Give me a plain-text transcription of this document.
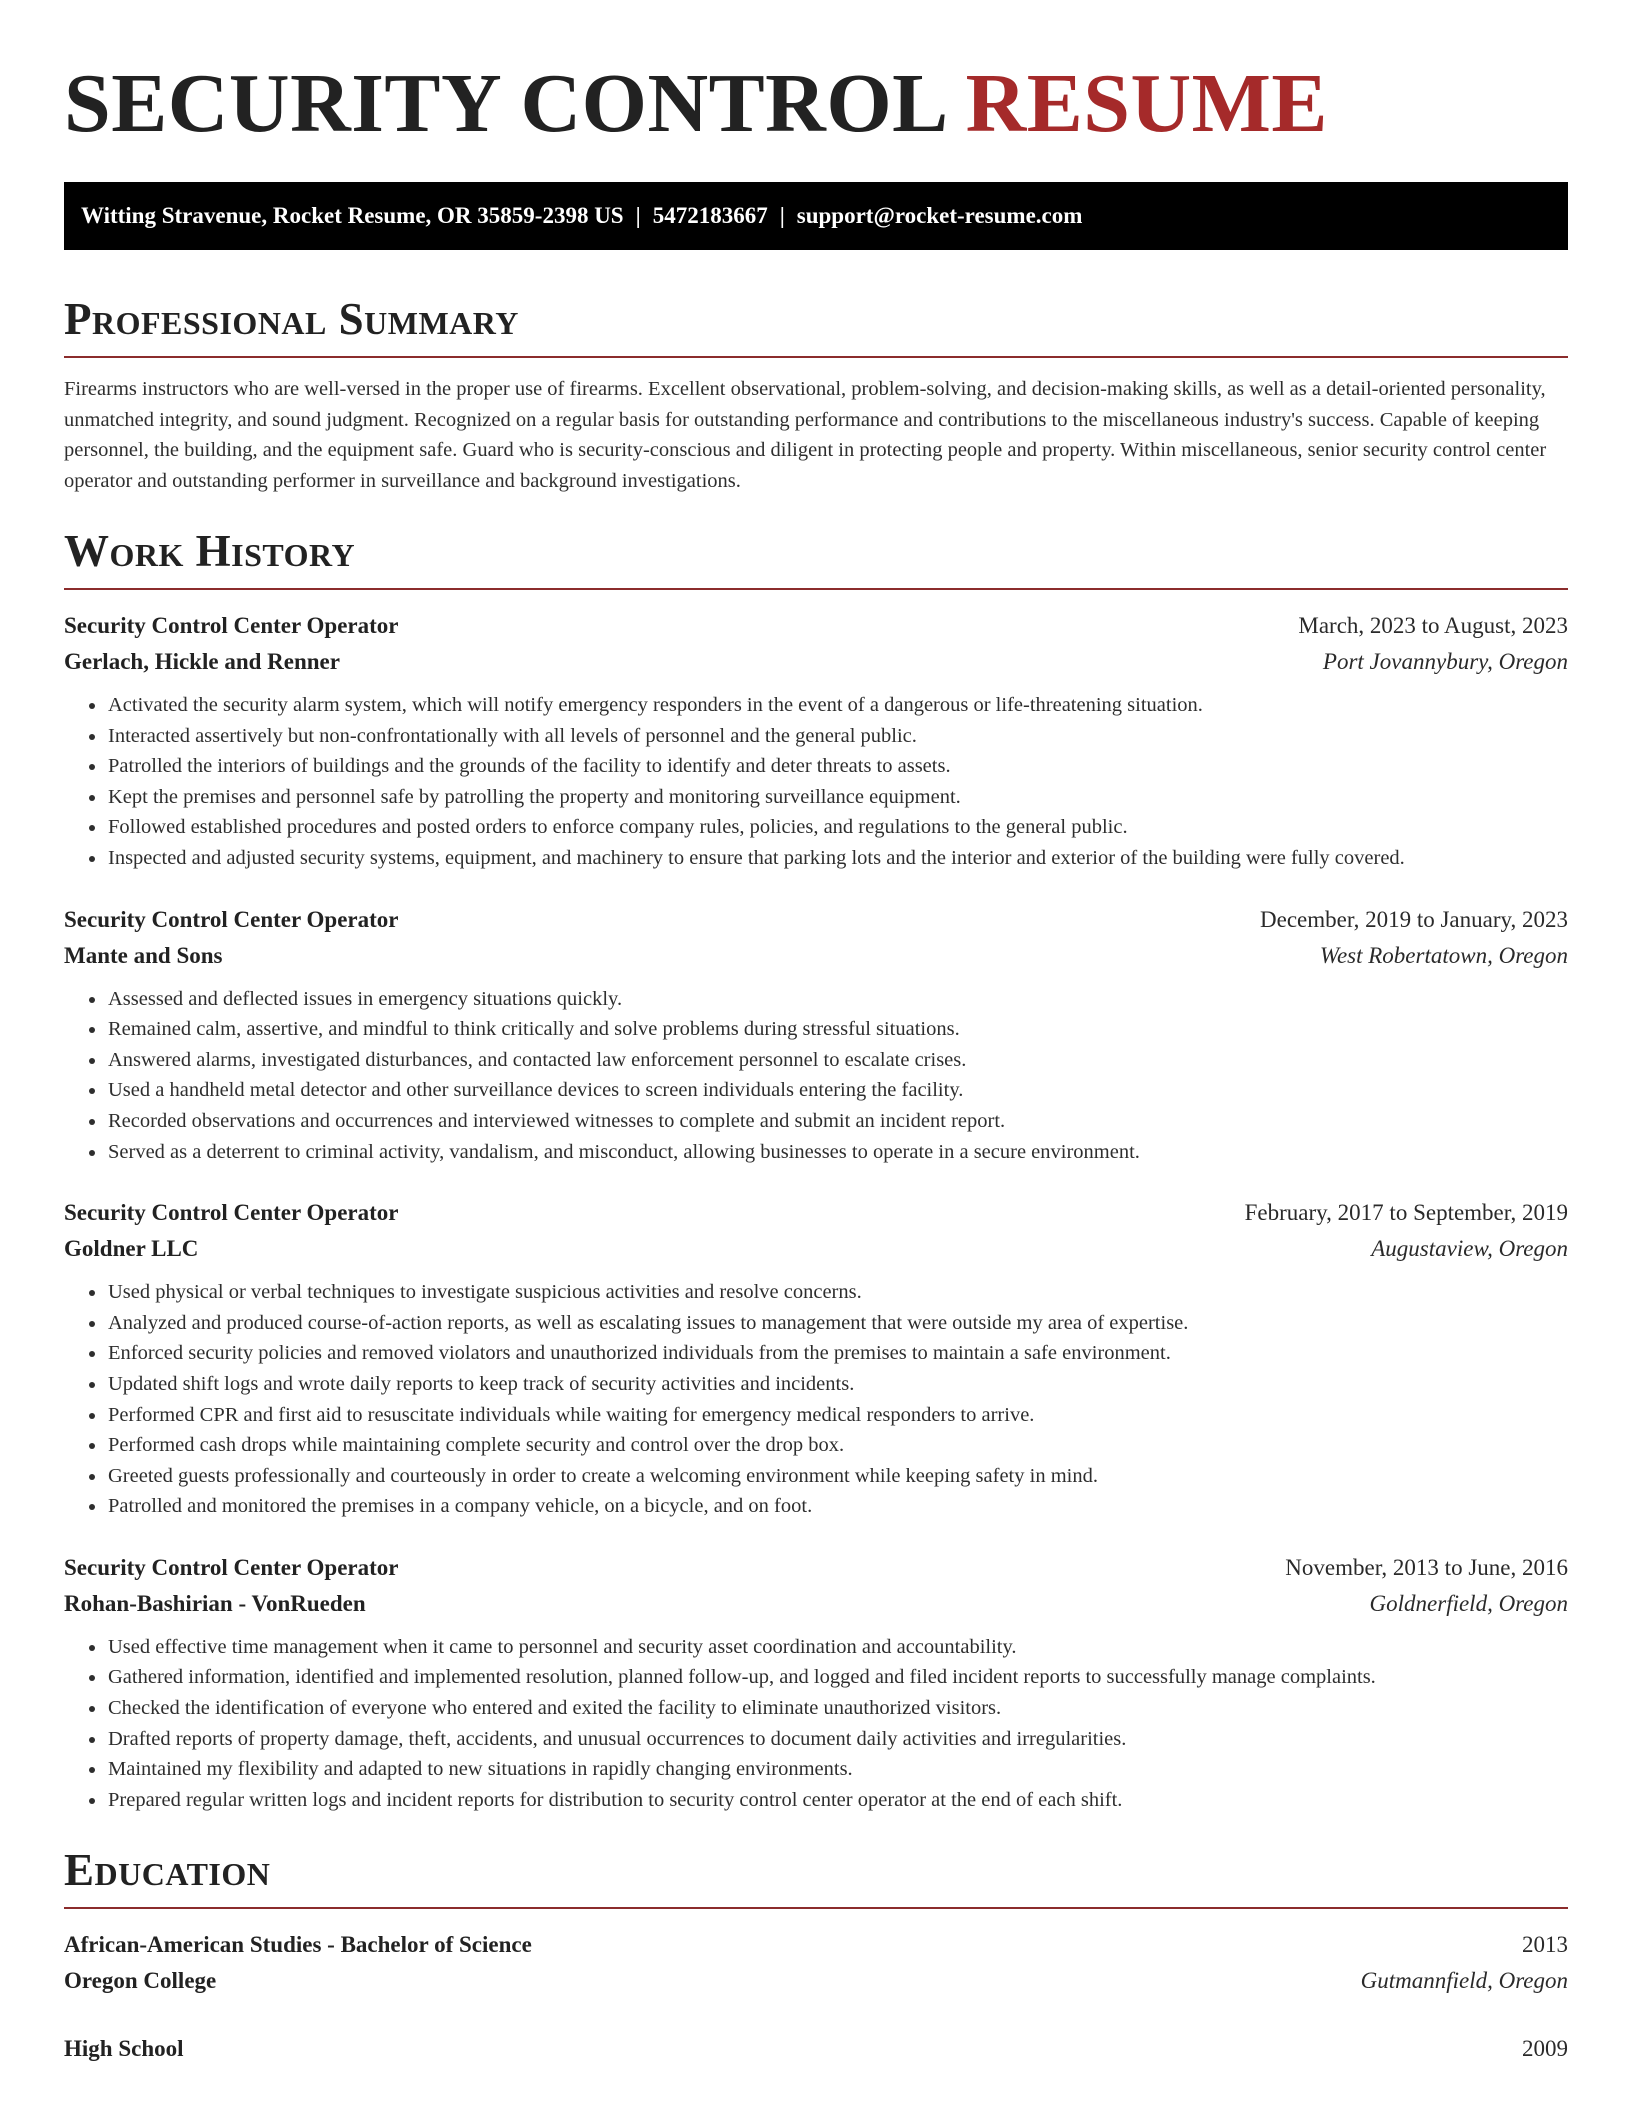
SECURITY CONTROL RESUME
Witting Stravenue, Rocket Resume, OR 35859-2398 US | 5472183667 | support@rocket-resume.com
Professional Summary

Firearms instructors who are well-versed in the proper use of firearms. Excellent observational, problem-solving, and decision-making skills, as well as a detail-oriented personality, unmatched integrity, and sound judgment. Recognized on a regular basis for outstanding performance and contributions to the miscellaneous industry's success. Capable of keeping personnel, the building, and the equipment safe. Guard who is security-conscious and diligent in protecting people and property. Within miscellaneous, senior security control center operator and outstanding performer in surveillance and background investigations.

Work History
Security Control Center Operator	March, 2023 to August, 2023
Gerlach, Hickle and Renner	Port Jovannybury, Oregon
• Activated the security alarm system, which will notify emergency responders in the event of a dangerous or life-threatening situation.
• Interacted assertively but non-confrontationally with all levels of personnel and the general public.
• Patrolled the interiors of buildings and the grounds of the facility to identify and deter threats to assets.
• Kept the premises and personnel safe by patrolling the property and monitoring surveillance equipment.
• Followed established procedures and posted orders to enforce company rules, policies, and regulations to the general public.
• Inspected and adjusted security systems, equipment, and machinery to ensure that parking lots and the interior and exterior of the building were fully covered.
Security Control Center Operator	December, 2019 to January, 2023
Mante and Sons	West Robertatown, Oregon
• Assessed and deflected issues in emergency situations quickly.
• Remained calm, assertive, and mindful to think critically and solve problems during stressful situations.
• Answered alarms, investigated disturbances, and contacted law enforcement personnel to escalate crises.
• Used a handheld metal detector and other surveillance devices to screen individuals entering the facility.
• Recorded observations and occurrences and interviewed witnesses to complete and submit an incident report.
• Served as a deterrent to criminal activity, vandalism, and misconduct, allowing businesses to operate in a secure environment.
Security Control Center Operator	February, 2017 to September, 2019
Goldner LLC	Augustaview, Oregon
• Used physical or verbal techniques to investigate suspicious activities and resolve concerns.
• Analyzed and produced course-of-action reports, as well as escalating issues to management that were outside my area of expertise.
• Enforced security policies and removed violators and unauthorized individuals from the premises to maintain a safe environment.
• Updated shift logs and wrote daily reports to keep track of security activities and incidents.
• Performed CPR and first aid to resuscitate individuals while waiting for emergency medical responders to arrive.
• Performed cash drops while maintaining complete security and control over the drop box.
• Greeted guests professionally and courteously in order to create a welcoming environment while keeping safety in mind.
• Patrolled and monitored the premises in a company vehicle, on a bicycle, and on foot.
Security Control Center Operator	November, 2013 to June, 2016
Rohan-Bashirian - VonRueden	Goldnerfield, Oregon
• Used effective time management when it came to personnel and security asset coordination and accountability.
• Gathered information, identified and implemented resolution, planned follow-up, and logged and filed incident reports to successfully manage complaints.
• Checked the identification of everyone who entered and exited the facility to eliminate unauthorized visitors.
• Drafted reports of property damage, theft, accidents, and unusual occurrences to document daily activities and irregularities.
• Maintained my flexibility and adapted to new situations in rapidly changing environments.
• Prepared regular written logs and incident reports for distribution to security control center operator at the end of each shift.
Education
African-American Studies - Bachelor of Science	2013
Oregon College	Gutmannfield, Oregon
High School	2009
